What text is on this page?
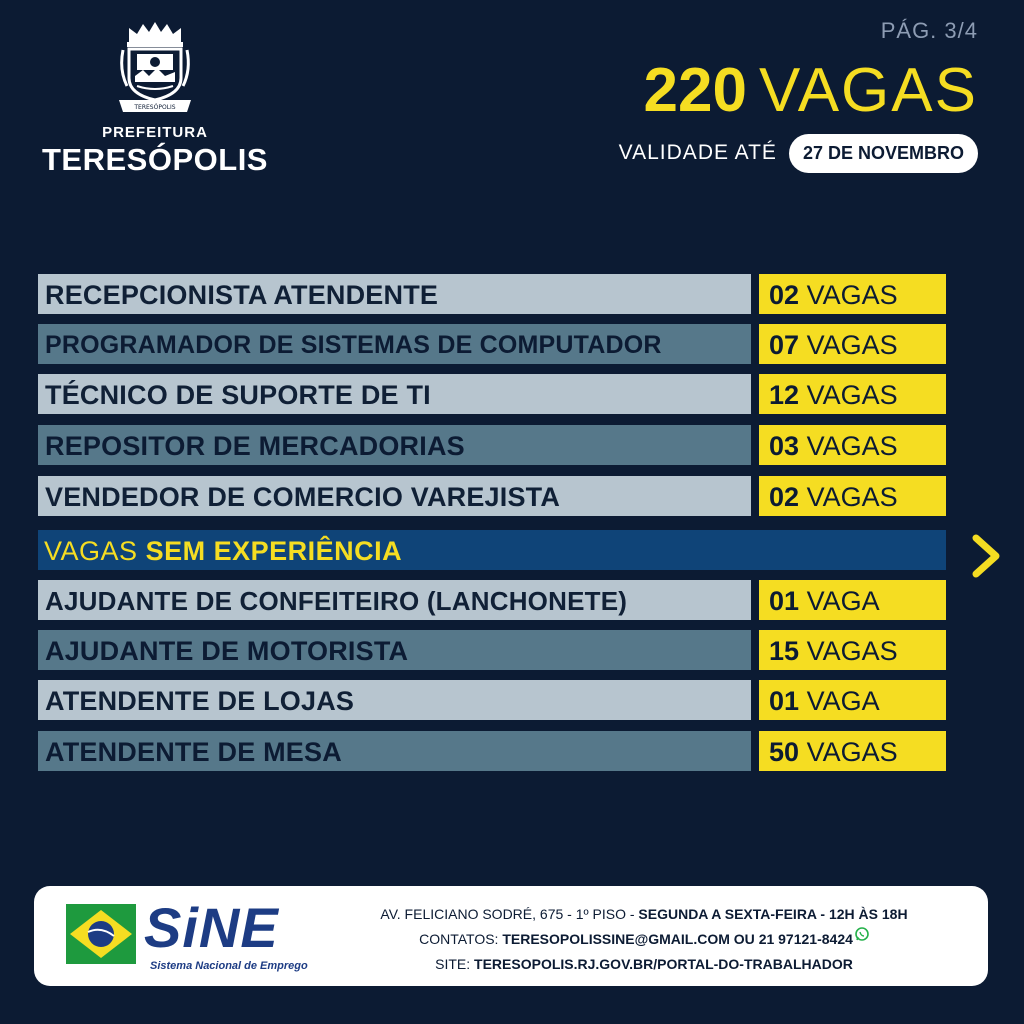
TERESÓPOLIS
PREFEITURA
TERESÓPOLIS
PÁG. 3/4
220 VAGAS
VALIDADE ATÉ	27 DE NOVEMBRO
RECEPCIONISTA ATENDENTE	02 VAGAS
PROGRAMADOR DE SISTEMAS DE COMPUTADOR	07 VAGAS
TÉCNICO DE SUPORTE DE TI	12 VAGAS
REPOSITOR DE MERCADORIAS	03 VAGAS
VENDEDOR DE COMERCIO VAREJISTA	02 VAGAS
VAGAS SEM EXPERIÊNCIA
AJUDANTE DE CONFEITEIRO (LANCHONETE)	01 VAGA
AJUDANTE DE MOTORISTA	15 VAGAS
ATENDENTE DE LOJAS	01 VAGA
ATENDENTE DE MESA	50 VAGAS
SiNE
Sistema Nacional de Emprego
AV. FELICIANO SODRÉ, 675 - 1º PISO - SEGUNDA A SEXTA-FEIRA - 12H ÀS 18H
CONTATOS: TERESOPOLISSINE@GMAIL.COM OU 21 97121-8424
SITE: TERESOPOLIS.RJ.GOV.BR/PORTAL-DO-TRABALHADOR
